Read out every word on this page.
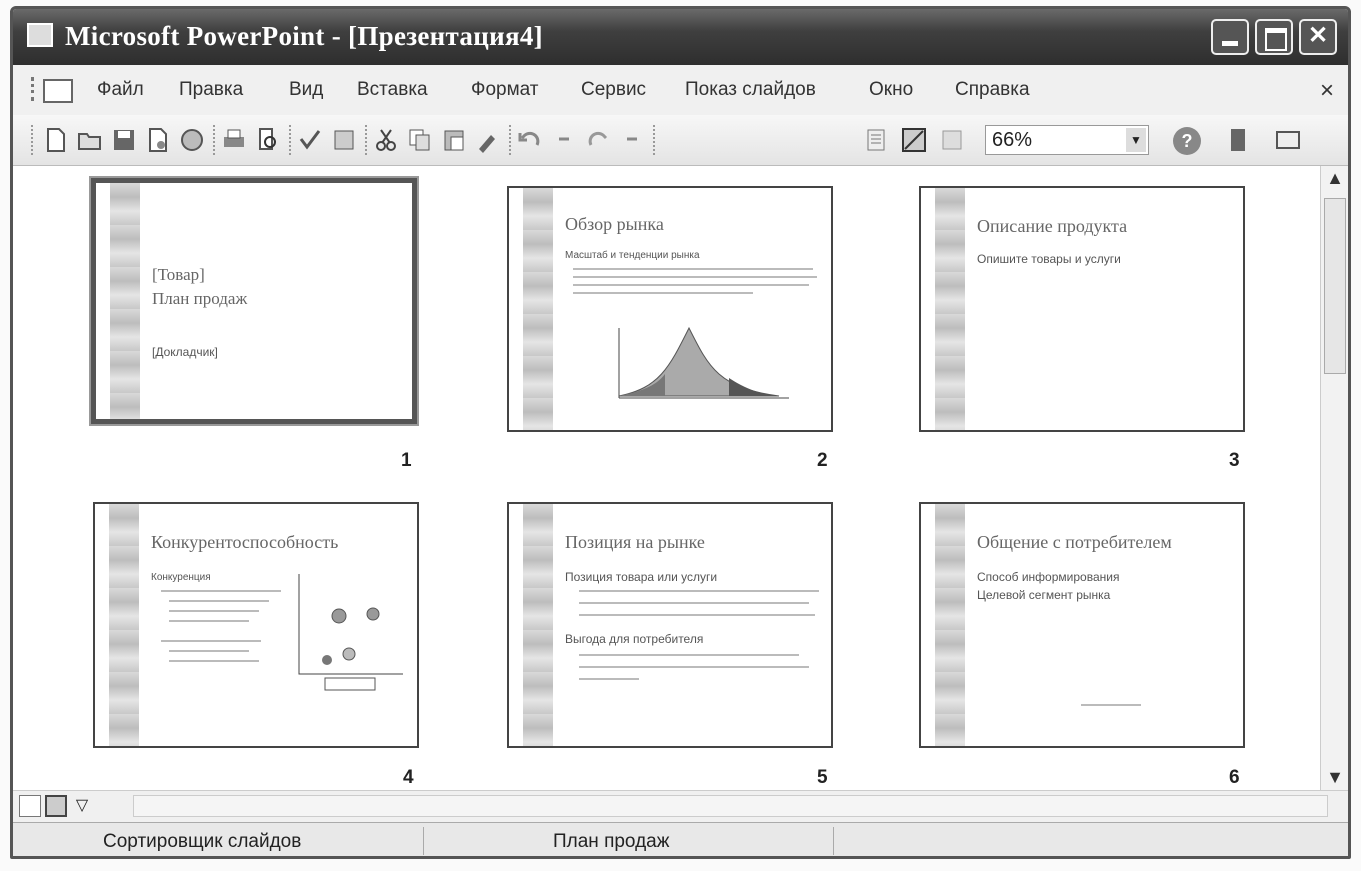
Microsoft PowerPoint - [Презентация4]	✕
Файл Правка Вид Вставка Формат Сервис Показ слайдов	Окно Справка	×
66%	▼	?
[Товар]
План продаж
[Докладчик]
1
Обзор рынка
Масштаб и тенденции рынка
2
Описание продукта
Опишите товары и услуги
3
Конкурентоспособность
Конкуренция
4
Позиция на рынке
Позиция товара или услуги
Выгода для потребителя
5
Общение с потребителем
Способ информирования
Целевой сегмент рынка
6
▲
▼
▽
Сортировщик слайдов	План продаж
